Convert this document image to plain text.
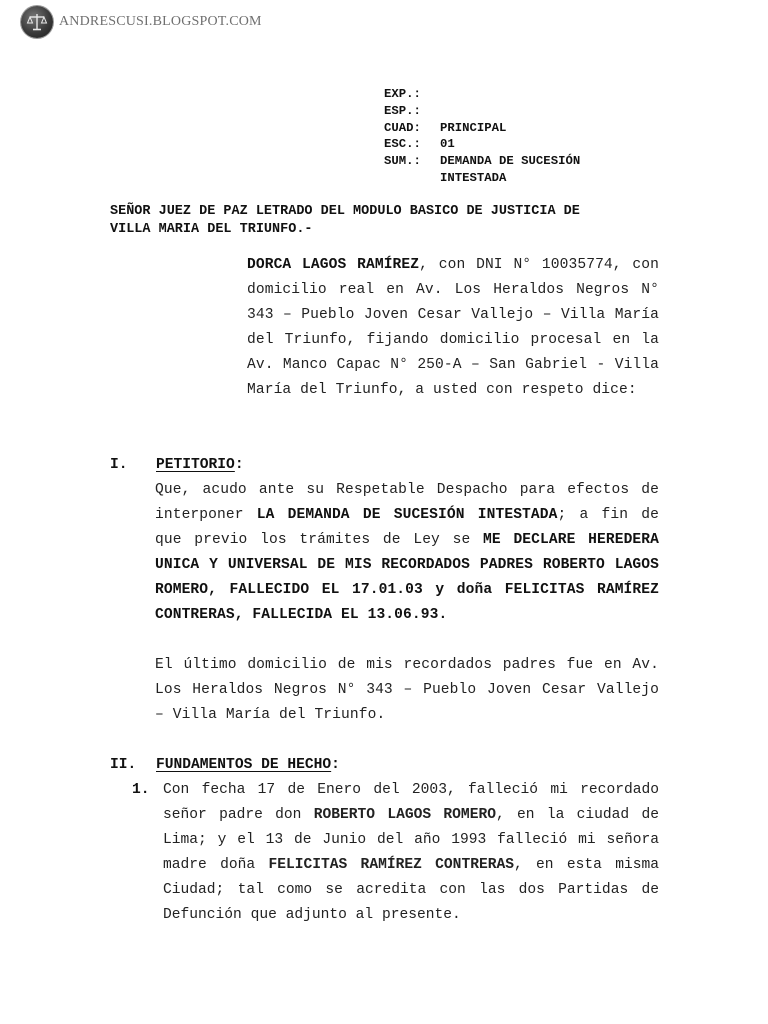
ANDRESCUSI.BLOGSPOT.COM
EXP.:
ESP.:
CUAD:	PRINCIPAL
ESC.:	01
SUM.:	DEMANDA DE SUCESIÓN INTESTADA
SEÑOR JUEZ DE PAZ LETRADO DEL MODULO BASICO DE JUSTICIA DE VILLA MARIA DEL TRIUNFO.-
DORCA LAGOS RAMÍREZ, con DNI N° 10035774, con domicilio real en Av. Los Heraldos Negros N° 343 – Pueblo Joven Cesar Vallejo – Villa María del Triunfo, fijando domicilio procesal en la Av. Manco Capac N° 250-A – San Gabriel - Villa María del Triunfo, a usted con respeto dice:
I.	PETITORIO :
Que, acudo ante su Respetable Despacho para efectos de interponer LA DEMANDA DE SUCESIÓN INTESTADA; a fin de que previo los trámites de Ley se ME DECLARE HEREDERA UNICA Y UNIVERSAL DE MIS RECORDADOS PADRES ROBERTO LAGOS ROMERO, FALLECIDO EL 17.01.03 y doña FELICITAS RAMÍREZ CONTRERAS, FALLECIDA EL 13.06.93.
El último domicilio de mis recordados padres fue en Av. Los Heraldos Negros N° 343 – Pueblo Joven Cesar Vallejo – Villa María del Triunfo.
II.	FUNDAMENTOS DE HECHO :
1. Con fecha 17 de Enero del 2003, falleció mi recordado señor padre don ROBERTO LAGOS ROMERO, en la ciudad de Lima; y el 13 de Junio del año 1993 falleció mi señora madre doña FELICITAS RAMÍREZ CONTRERAS, en esta misma Ciudad; tal como se acredita con las dos Partidas de Defunción que adjunto al presente.
